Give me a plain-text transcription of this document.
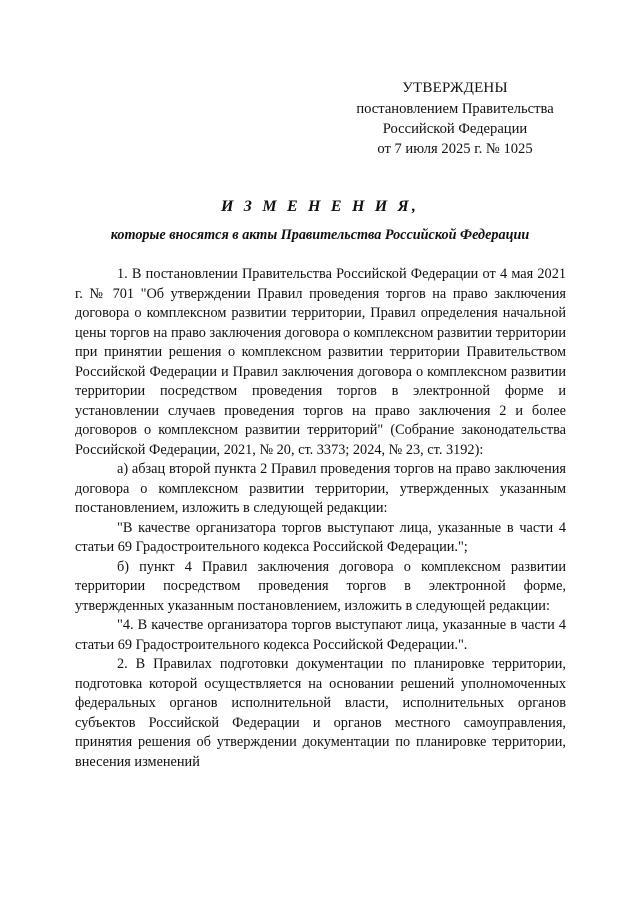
УТВЕРЖДЕНЫ
постановлением Правительства
Российской Федерации
от 7 июля 2025 г. № 1025
И З М Е Н Е Н И Я,
которые вносятся в акты Правительства Российской Федерации

1. В постановлении Правительства Российской Федерации от 4 мая 2021 г. № 701 "Об утверждении Правил проведения торгов на право заключения договора о комплексном развитии территории, Правил определения начальной цены торгов на право заключения договора о комплексном развитии территории при принятии решения о комплексном развитии территории Правительством Российской Федерации и Правил заключения договора о комплексном развитии территории посредством проведения торгов в электронной форме и установлении случаев проведения торгов на право заключения 2 и более договоров о комплексном развитии территорий" (Собрание законодательства Российской Федерации, 2021, № 20, ст. 3373; 2024, № 23, ст. 3192):

а) абзац второй пункта 2 Правил проведения торгов на право заключения договора о комплексном развитии территории, утвержденных указанным постановлением, изложить в следующей редакции:

"В качестве организатора торгов выступают лица, указанные в части 4 статьи 69 Градостроительного кодекса Российской Федерации.";

б) пункт 4 Правил заключения договора о комплексном развитии территории посредством проведения торгов в электронной форме, утвержденных указанным постановлением, изложить в следующей редакции:

"4. В качестве организатора торгов выступают лица, указанные в части 4 статьи 69 Градостроительного кодекса Российской Федерации.".

2. В Правилах подготовки документации по планировке территории, подготовка которой осуществляется на основании решений уполномоченных федеральных органов исполнительной власти, исполнительных органов субъектов Российской Федерации и органов местного самоуправления, принятия решения об утверждении документации по планировке территории, внесения изменений
